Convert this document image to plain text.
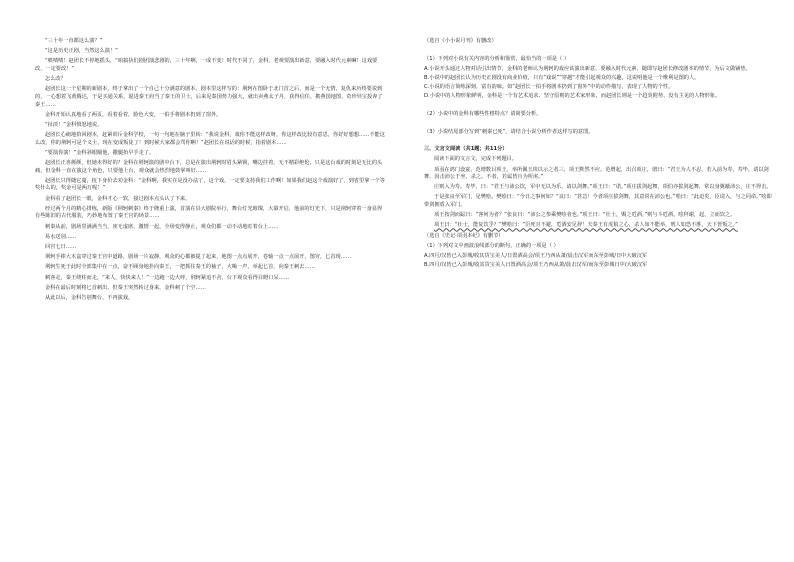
“三十年一直都这么演？”

“这是历史正剧，当然这么演！”

“啧啧啧！赵团长不停地摇头，“咱搞执们剧团演悲剧的，三十年啊，一成不变！时代不同了，金科，老观要演出新意，要融入时代元素嘛！这戏要改，一定要改！”

怎么改？

赵团长这一个星期的新剧本，终于拿出了一个自己十分满意的剧本，剧本里这样写的：荆轲在图卧于北门首之后，而是一个无情，复仇来历终要说到的，一心想着飞黄腾达，于是买通关系，混进秦王府当了秦王的卫士，后来见秦国势力强大，就出卖燕太子丹，获得信任，携燕国地图、奇珍异宝投奔了秦王……

金科开始认真地看了两页，看着看着，脸色大变，一拍手将剧本扔到了窗外。

“扯淡！”金科愤怒地说。

赵团长心痛地拾回剧本，赶紧训斥金科学校，一句一句地在脑子里转：“我说金科，戏你不能这样改呀。你这样改比较有意思，你好好想想……不能这么改，你的荆轲可是个义士，现在变成叛徒了！到时候大家都会骂你啊！”赵团长在说话的时候，指着剧本……

“要演你演！”金科斜眼瞄他，撒腿抬早手走了。

赵团长正喜颜颜，但她未得好的？金科在荆轲演的剧中台下，总是在演出荆轲时眉头紧锁，嘴边挂着，无不精彩绝伦，只是这台戏的时刻是无比的头痛，但金科一直在演这个角色，只要他上台，观众就会热烈地鼓掌叫好……

赵团长只得随它蔓，抚下身价去劝金科：“金科啊，我实在是没办法了，这个戏，一定要支持我们工作啊！如果我们赵这个戏演好了，到省里拿一个等奖什么的，奖金可是两万呢！”

金科看了赵团长一眼，金科才心一软，接过剧本点头认了下来。

经过两个月的精心排练，新版《荆轲刺秦》终于隆重上演，首演在县大剧院举行，舞台灯光璀璨，大幕开启，他前的灯光下，只是荆轲穿着一身显得有些陈旧的古代服装，巧妙地布置了秦王宫的场景……

刺秦从前，剧场里满满当当，座无虚席，激情一起，全场变得静止，观众们都一动不动地盯着台上……

易水送别……

回宫七日……

荆轲手捧大木盒穿过秦王宫中道路，剧场一片寂静，观众的心都被提了起来，地图一点点展开，卷轴一点一点展开，图穷，匕首现……

荆轲生死于此时全部集中在一点，奋不顾身地扑向秦王，一把抓住秦王的袖子，大喝一声，举起匕首，向秦王刺去……

刺客走，秦王绕柱而走，“来人，快快来人！”一边跑一边大呼，荆轲紧追不舍，台下观众看得目瞪口呆……

金科在最后时刻将匕首刺出，但秦王突然转过身来，金科刺了个空……

从此以后，金科告别舞台，不再演戏。

（选自《小小说月刊》有删改）

（1）下列对小说有关内容的分析和鉴赏，最恰当的一项是（ ）

A.小说开头通过人物对话引出情节，金科的老师认为荆轲的戏应该演出新意，要融入时代元素，随即写赵团长修改剧本的情节，为后文做铺垫。

B.小说中的赵团长认为历史正剧没有商业价值，只有“戏说”“穿越”才能引起观众的兴趣，这说明他是一个唯利是图的人。

C.小说的语言简练深刻，富有韵味。如“赵团长一拍手将剧本扔到了窗外”中的动作描写，表现了人物的个性。

D.小说中的人物形象鲜明，金科是一个有艺术追求、坚守原则的艺术家形象，而赵团长则是一个趋炎附势、没有主见的人物形象。

（2）小说中的金科有哪些性格特点？请简要分析。

（3）小说结尾部分写到“刺秦已死”，请结合小说分析作者这样写的意图。

三、文言文阅读（共1题；共11分）

阅读下面的文言文，完成下列题目。

项羽在鸿门设宴，范增数目项王，举所佩玉玦以示之者三，项王默然不应。范增起，出召项庄，谓曰：“君王为人不忍，若入前为寿，寿毕，请以剑舞，因击沛公于坐，杀之。不者，若属皆且为所虏。”

庄则入为寿。寿毕，曰：“君王与沛公饮，军中无以为乐，请以剑舞。”项王曰：“诺。”项庄拔剑起舞，项伯亦拔剑起舞，常以身翼蔽沛公，庄不得击。

于是张良至军门，见樊哙。樊哙曰：“今日之事何如？”良曰：“甚急！今者项庄拔剑舞，其意常在沛公也。”哙曰：“此迫矣，臣请入，与之同命。”哙即带剑拥盾入军门。

项王按剑而跽曰：“客何为者？”张良曰：“沛公之参乘樊哙者也。”项王曰：“壮士，赐之卮酒。”则与斗卮酒。哙拜谢，起，立而饮之。

项王曰：“壮士，能复饮乎？”樊哙曰：“臣死且不避，卮酒安足辞！夫秦王有虎狼之心，杀人如不能举，刑人如恐不胜，天下皆叛之。”

（选自《史记·项羽本纪》有删节）

（1）下列对文中画波浪线部分的断句，正确的一项是（ ）

A.四月/汉皆已入彭城/收其货宝美人/日置酒高会/项王乃西从萧/晨击汉军而东至彭城/日中大破汉军

B.四月/汉皆已入彭城/收其货宝美人日置酒高会/项王乃西从萧/晨击汉军/而东至彭城日中/大破汉军
